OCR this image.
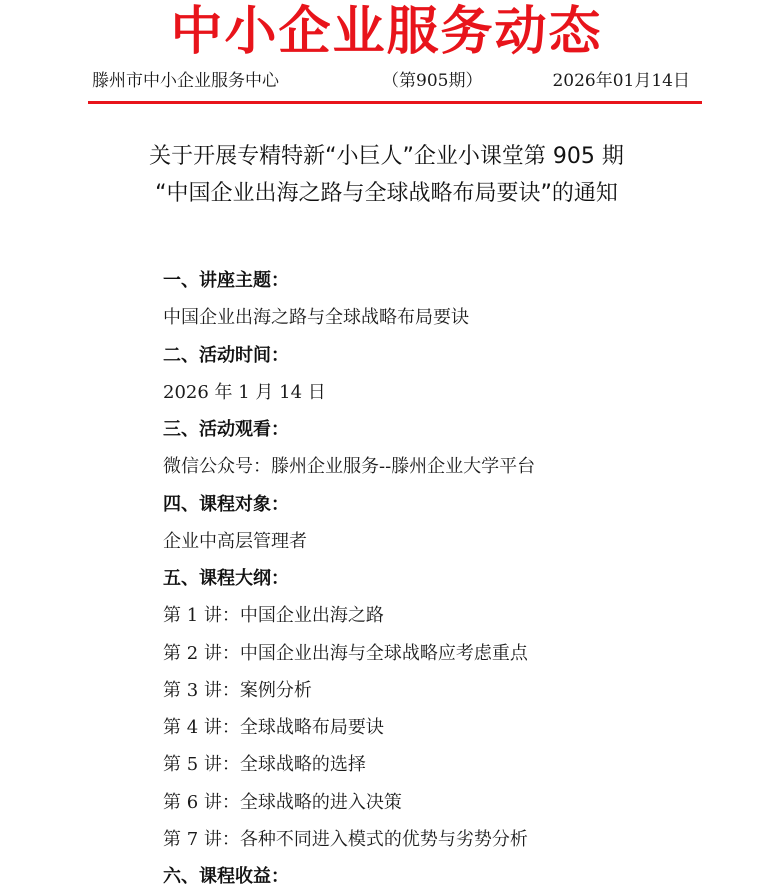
中小企业服务动态
滕州市中小企业服务中心	（第905期）	2026年01月14日
关于开展专精特新“小巨人”企业小课堂第 905 期
“中国企业出海之路与全球战略布局要诀”的通知
一、讲座主题：
中国企业出海之路与全球战略布局要诀
二、活动时间：
2026 年 1 月 14 日
三、活动观看：
微信公众号：滕州企业服务--滕州企业大学平台
四、课程对象：
企业中高层管理者
五、课程大纲：
第 1 讲：中国企业出海之路
第 2 讲：中国企业出海与全球战略应考虑重点
第 3 讲：案例分析
第 4 讲：全球战略布局要诀
第 5 讲：全球战略的选择
第 6 讲：全球战略的进入决策
第 7 讲：各种不同进入模式的优势与劣势分析
六、课程收益：
